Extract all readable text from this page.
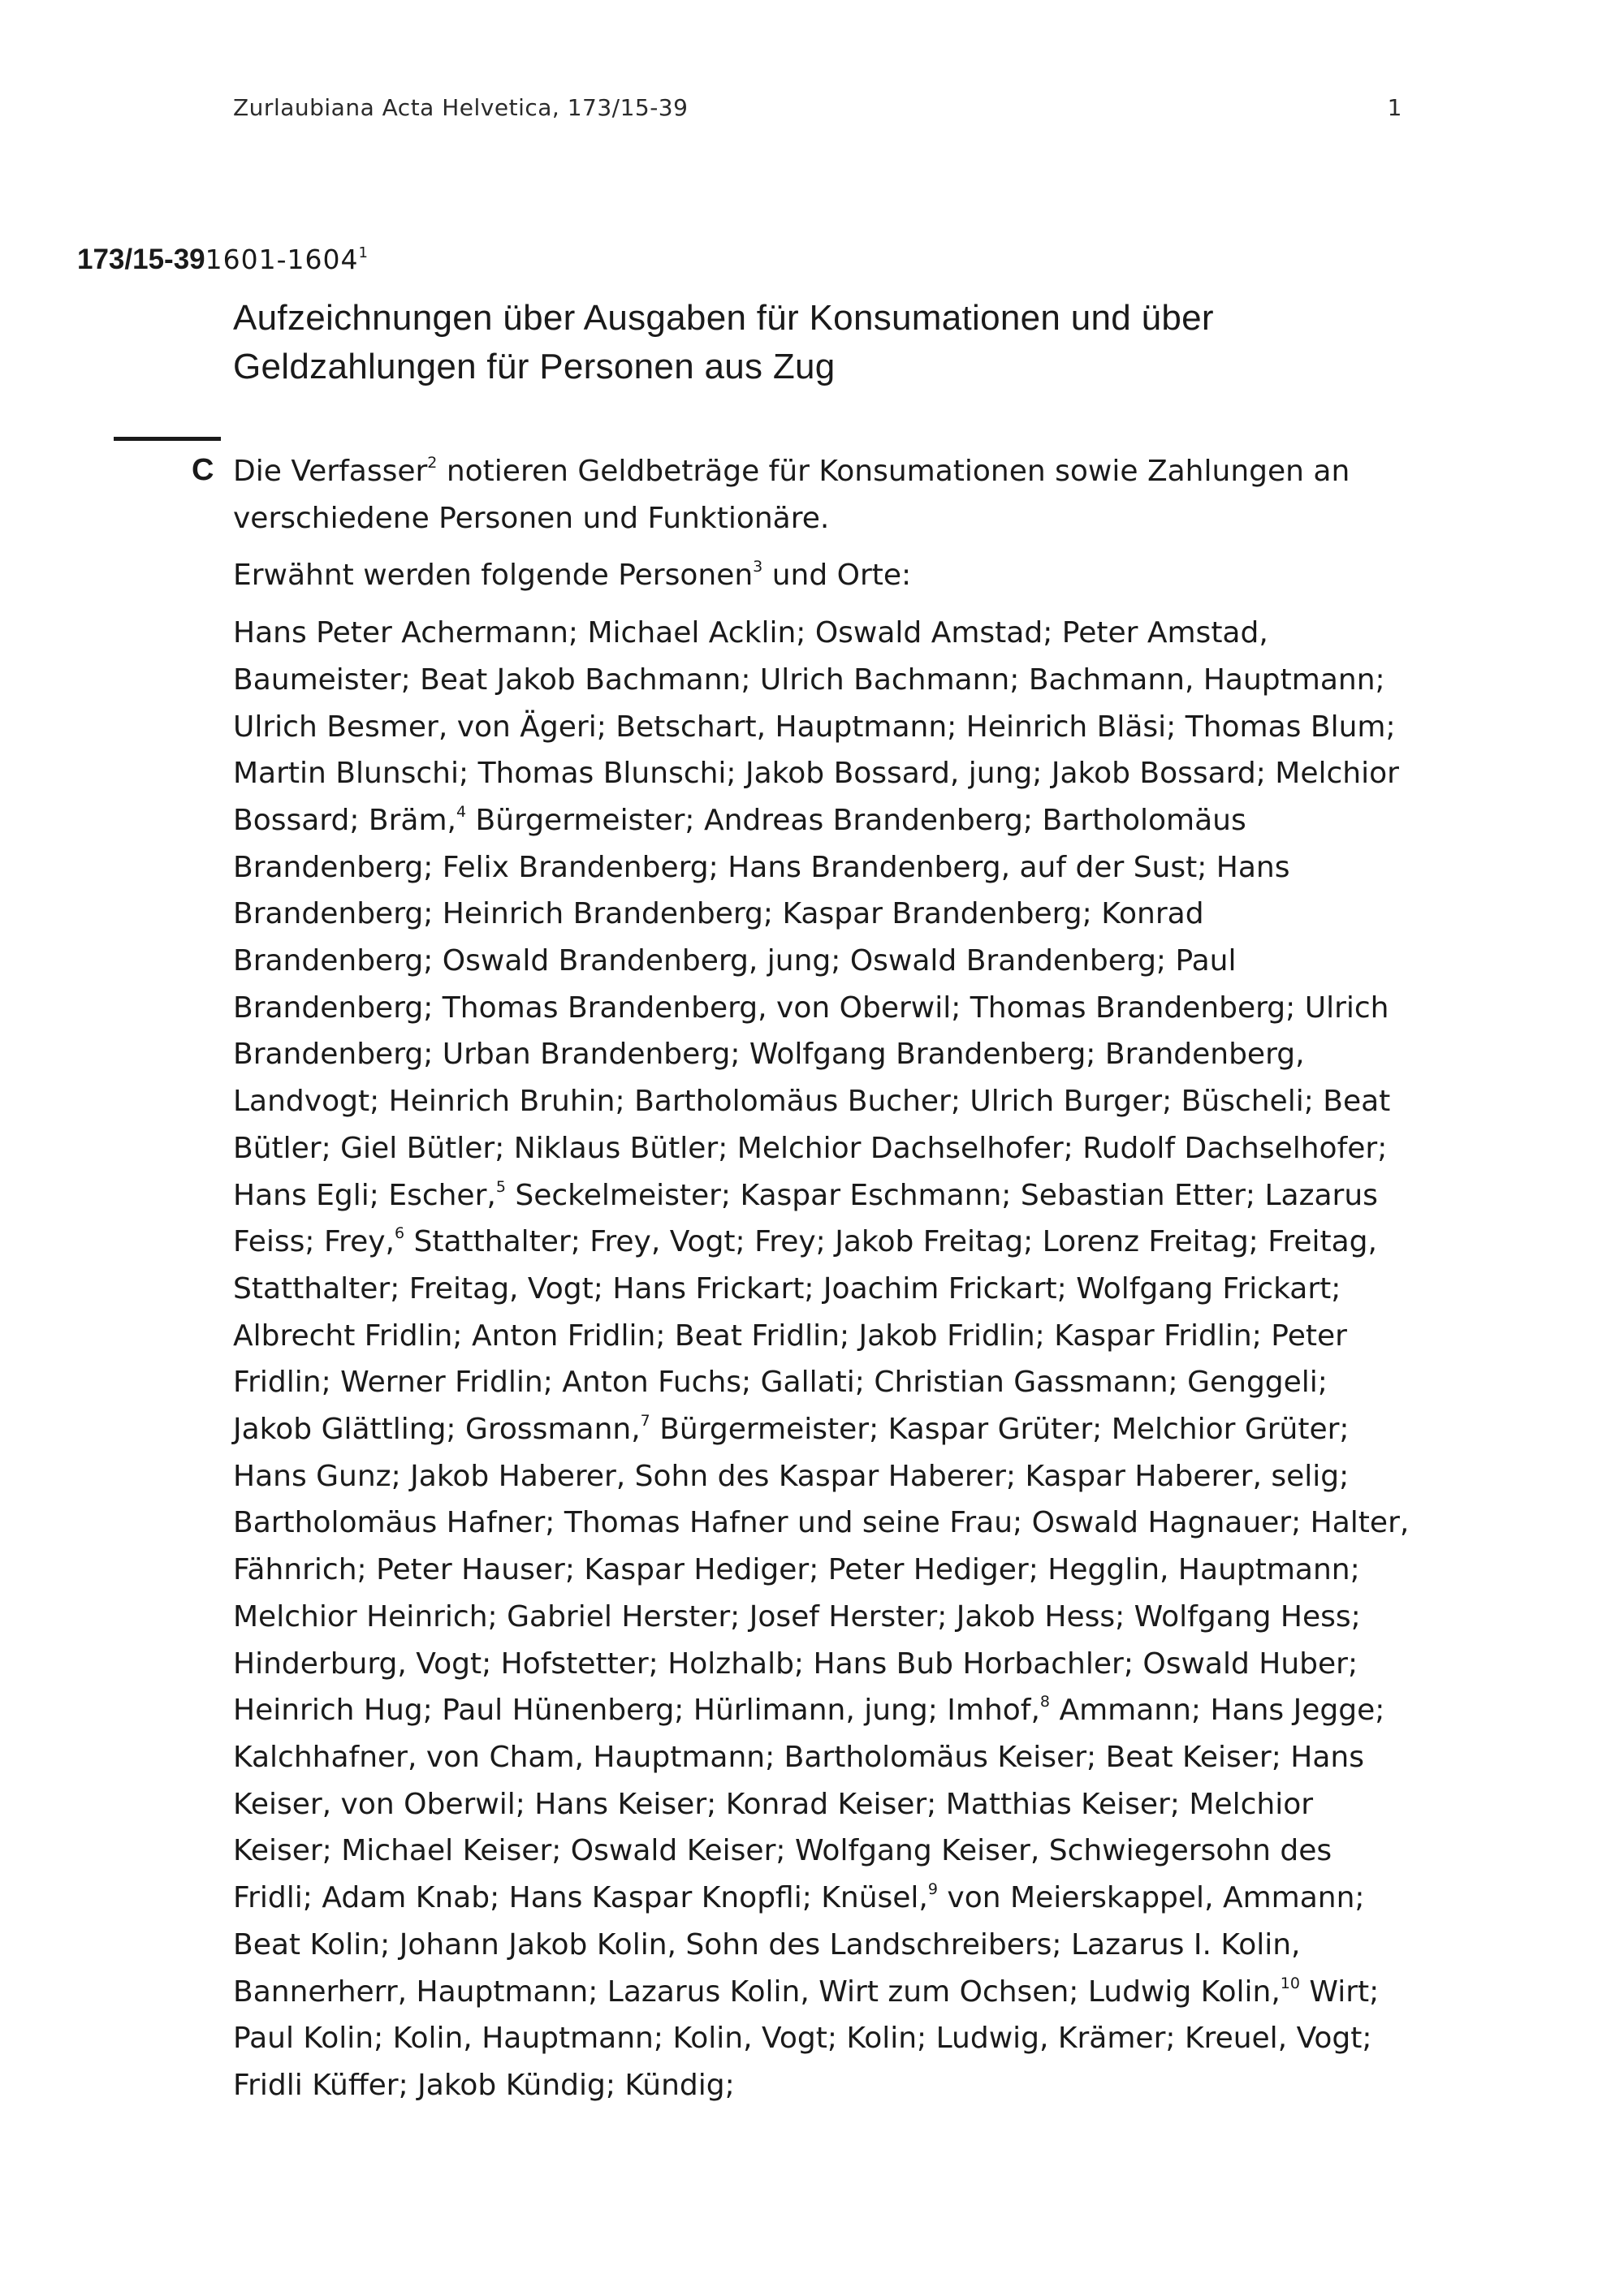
Zurlaubiana Acta Helvetica, 173/15-39	1
173/15-391601-1604$^1$
Aufzeichnungen über Ausgaben für Konsumationen und über
Geldzahlungen für Personen aus Zug
C Die Verfasser$^2$ notieren Geldbeträge für Konsumationen sowie Zahlungen an verschiedene Personen und Funktionäre.

Erwähnt werden folgende Personen$^3$ und Orte:

Hans Peter Achermann; Michael Acklin; Oswald Amstad; Peter Amstad, Baumeister; Beat Jakob Bachmann; Ulrich Bachmann; Bachmann, Hauptmann; Ulrich Besmer, von Ägeri; Betschart, Hauptmann; Heinrich Bläsi; Thomas Blum; Martin Blunschi; Thomas Blunschi; Jakob Bossard, jung; Jakob Bossard; Melchior Bossard; Bräm,$^4$ Bürgermeister; Andreas Brandenberg; Bartholomäus Brandenberg; Felix Brandenberg; Hans Brandenberg, auf der Sust; Hans Brandenberg; Heinrich Brandenberg; Kaspar Brandenberg; Konrad Brandenberg; Oswald Brandenberg, jung; Oswald Brandenberg; Paul Brandenberg; Thomas Brandenberg, von Oberwil; Thomas Brandenberg; Ulrich Brandenberg; Urban Brandenberg; Wolfgang Brandenberg; Brandenberg, Landvogt; Heinrich Bruhin; Bartholomäus Bucher; Ulrich Burger; Büscheli; Beat Bütler; Giel Bütler; Niklaus Bütler; Melchior Dachselhofer; Rudolf Dachselhofer; Hans Egli; Escher,$^5$ Seckelmeister; Kaspar Eschmann; Sebastian Etter; Lazarus Feiss; Frey,$^6$ Statthalter; Frey, Vogt; Frey; Jakob Freitag; Lorenz Freitag; Freitag, Statthalter; Freitag, Vogt; Hans Frickart; Joachim Frickart; Wolfgang Frickart; Albrecht Fridlin; Anton Fridlin; Beat Fridlin; Jakob Fridlin; Kaspar Fridlin; Peter Fridlin; Werner Fridlin; Anton Fuchs; Gallati; Christian Gassmann; Genggeli; Jakob Glättling; Grossmann,$^7$ Bürgermeister; Kaspar Grüter; Melchior Grüter; Hans Gunz; Jakob Haberer, Sohn des Kaspar Haberer; Kaspar Haberer, selig; Bartholomäus Hafner; Thomas Hafner und seine Frau; Oswald Hagnauer; Halter, Fähnrich; Peter Hauser; Kaspar Hediger; Peter Hediger; Hegglin, Hauptmann; Melchior Heinrich; Gabriel Herster; Josef Herster; Jakob Hess; Wolfgang Hess; Hinderburg, Vogt; Hofstetter; Holzhalb; Hans Bub Horbachler; Oswald Huber; Heinrich Hug; Paul Hünenberg; Hürlimann, jung; Imhof,$^8$ Ammann; Hans Jegge; Kalchhafner, von Cham, Hauptmann; Bartholomäus Keiser; Beat Keiser; Hans Keiser, von Oberwil; Hans Keiser; Konrad Keiser; Matthias Keiser; Melchior Keiser; Michael Keiser; Oswald Keiser; Wolfgang Keiser, Schwiegersohn des Fridli; Adam Knab; Hans Kaspar Knopfli; Knüsel,$^9$ von Meierskappel, Ammann; Beat Kolin; Johann Jakob Kolin, Sohn des Landschreibers; Lazarus I. Kolin, Bannerherr, Hauptmann; Lazarus Kolin, Wirt zum Ochsen; Ludwig Kolin,$^{10}$ Wirt; Paul Kolin; Kolin, Hauptmann; Kolin, Vogt; Kolin; Ludwig, Krämer; Kreuel, Vogt; Fridli Küffer; Jakob Kündig; Kündig;
